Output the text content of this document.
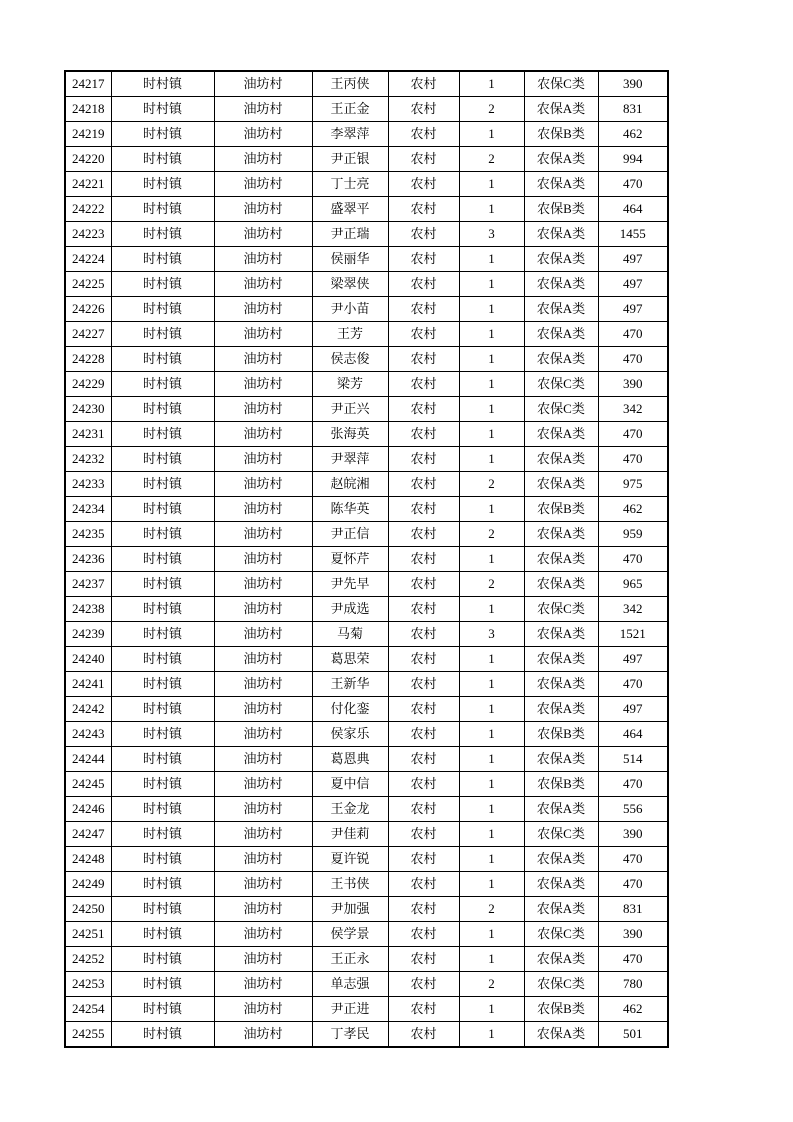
24217	时村镇	油坊村	王丙侠	农村	1	农保C类	390
24218	时村镇	油坊村	王正金	农村	2	农保A类	831
24219	时村镇	油坊村	李翠萍	农村	1	农保B类	462
24220	时村镇	油坊村	尹正银	农村	2	农保A类	994
24221	时村镇	油坊村	丁士亮	农村	1	农保A类	470
24222	时村镇	油坊村	盛翠平	农村	1	农保B类	464
24223	时村镇	油坊村	尹正瑞	农村	3	农保A类	1455
24224	时村镇	油坊村	侯丽华	农村	1	农保A类	497
24225	时村镇	油坊村	梁翠侠	农村	1	农保A类	497
24226	时村镇	油坊村	尹小苗	农村	1	农保A类	497
24227	时村镇	油坊村	王芳	农村	1	农保A类	470
24228	时村镇	油坊村	侯志俊	农村	1	农保A类	470
24229	时村镇	油坊村	梁芳	农村	1	农保C类	390
24230	时村镇	油坊村	尹正兴	农村	1	农保C类	342
24231	时村镇	油坊村	张海英	农村	1	农保A类	470
24232	时村镇	油坊村	尹翠萍	农村	1	农保A类	470
24233	时村镇	油坊村	赵皖湘	农村	2	农保A类	975
24234	时村镇	油坊村	陈华英	农村	1	农保B类	462
24235	时村镇	油坊村	尹正信	农村	2	农保A类	959
24236	时村镇	油坊村	夏怀芹	农村	1	农保A类	470
24237	时村镇	油坊村	尹先早	农村	2	农保A类	965
24238	时村镇	油坊村	尹成选	农村	1	农保C类	342
24239	时村镇	油坊村	马菊	农村	3	农保A类	1521
24240	时村镇	油坊村	葛思荣	农村	1	农保A类	497
24241	时村镇	油坊村	王新华	农村	1	农保A类	470
24242	时村镇	油坊村	付化銮	农村	1	农保A类	497
24243	时村镇	油坊村	侯家乐	农村	1	农保B类	464
24244	时村镇	油坊村	葛恩典	农村	1	农保A类	514
24245	时村镇	油坊村	夏中信	农村	1	农保B类	470
24246	时村镇	油坊村	王金龙	农村	1	农保A类	556
24247	时村镇	油坊村	尹佳莉	农村	1	农保C类	390
24248	时村镇	油坊村	夏许锐	农村	1	农保A类	470
24249	时村镇	油坊村	王书侠	农村	1	农保A类	470
24250	时村镇	油坊村	尹加强	农村	2	农保A类	831
24251	时村镇	油坊村	侯学景	农村	1	农保C类	390
24252	时村镇	油坊村	王正永	农村	1	农保A类	470
24253	时村镇	油坊村	单志强	农村	2	农保C类	780
24254	时村镇	油坊村	尹正进	农村	1	农保B类	462
24255	时村镇	油坊村	丁孝民	农村	1	农保A类	501
